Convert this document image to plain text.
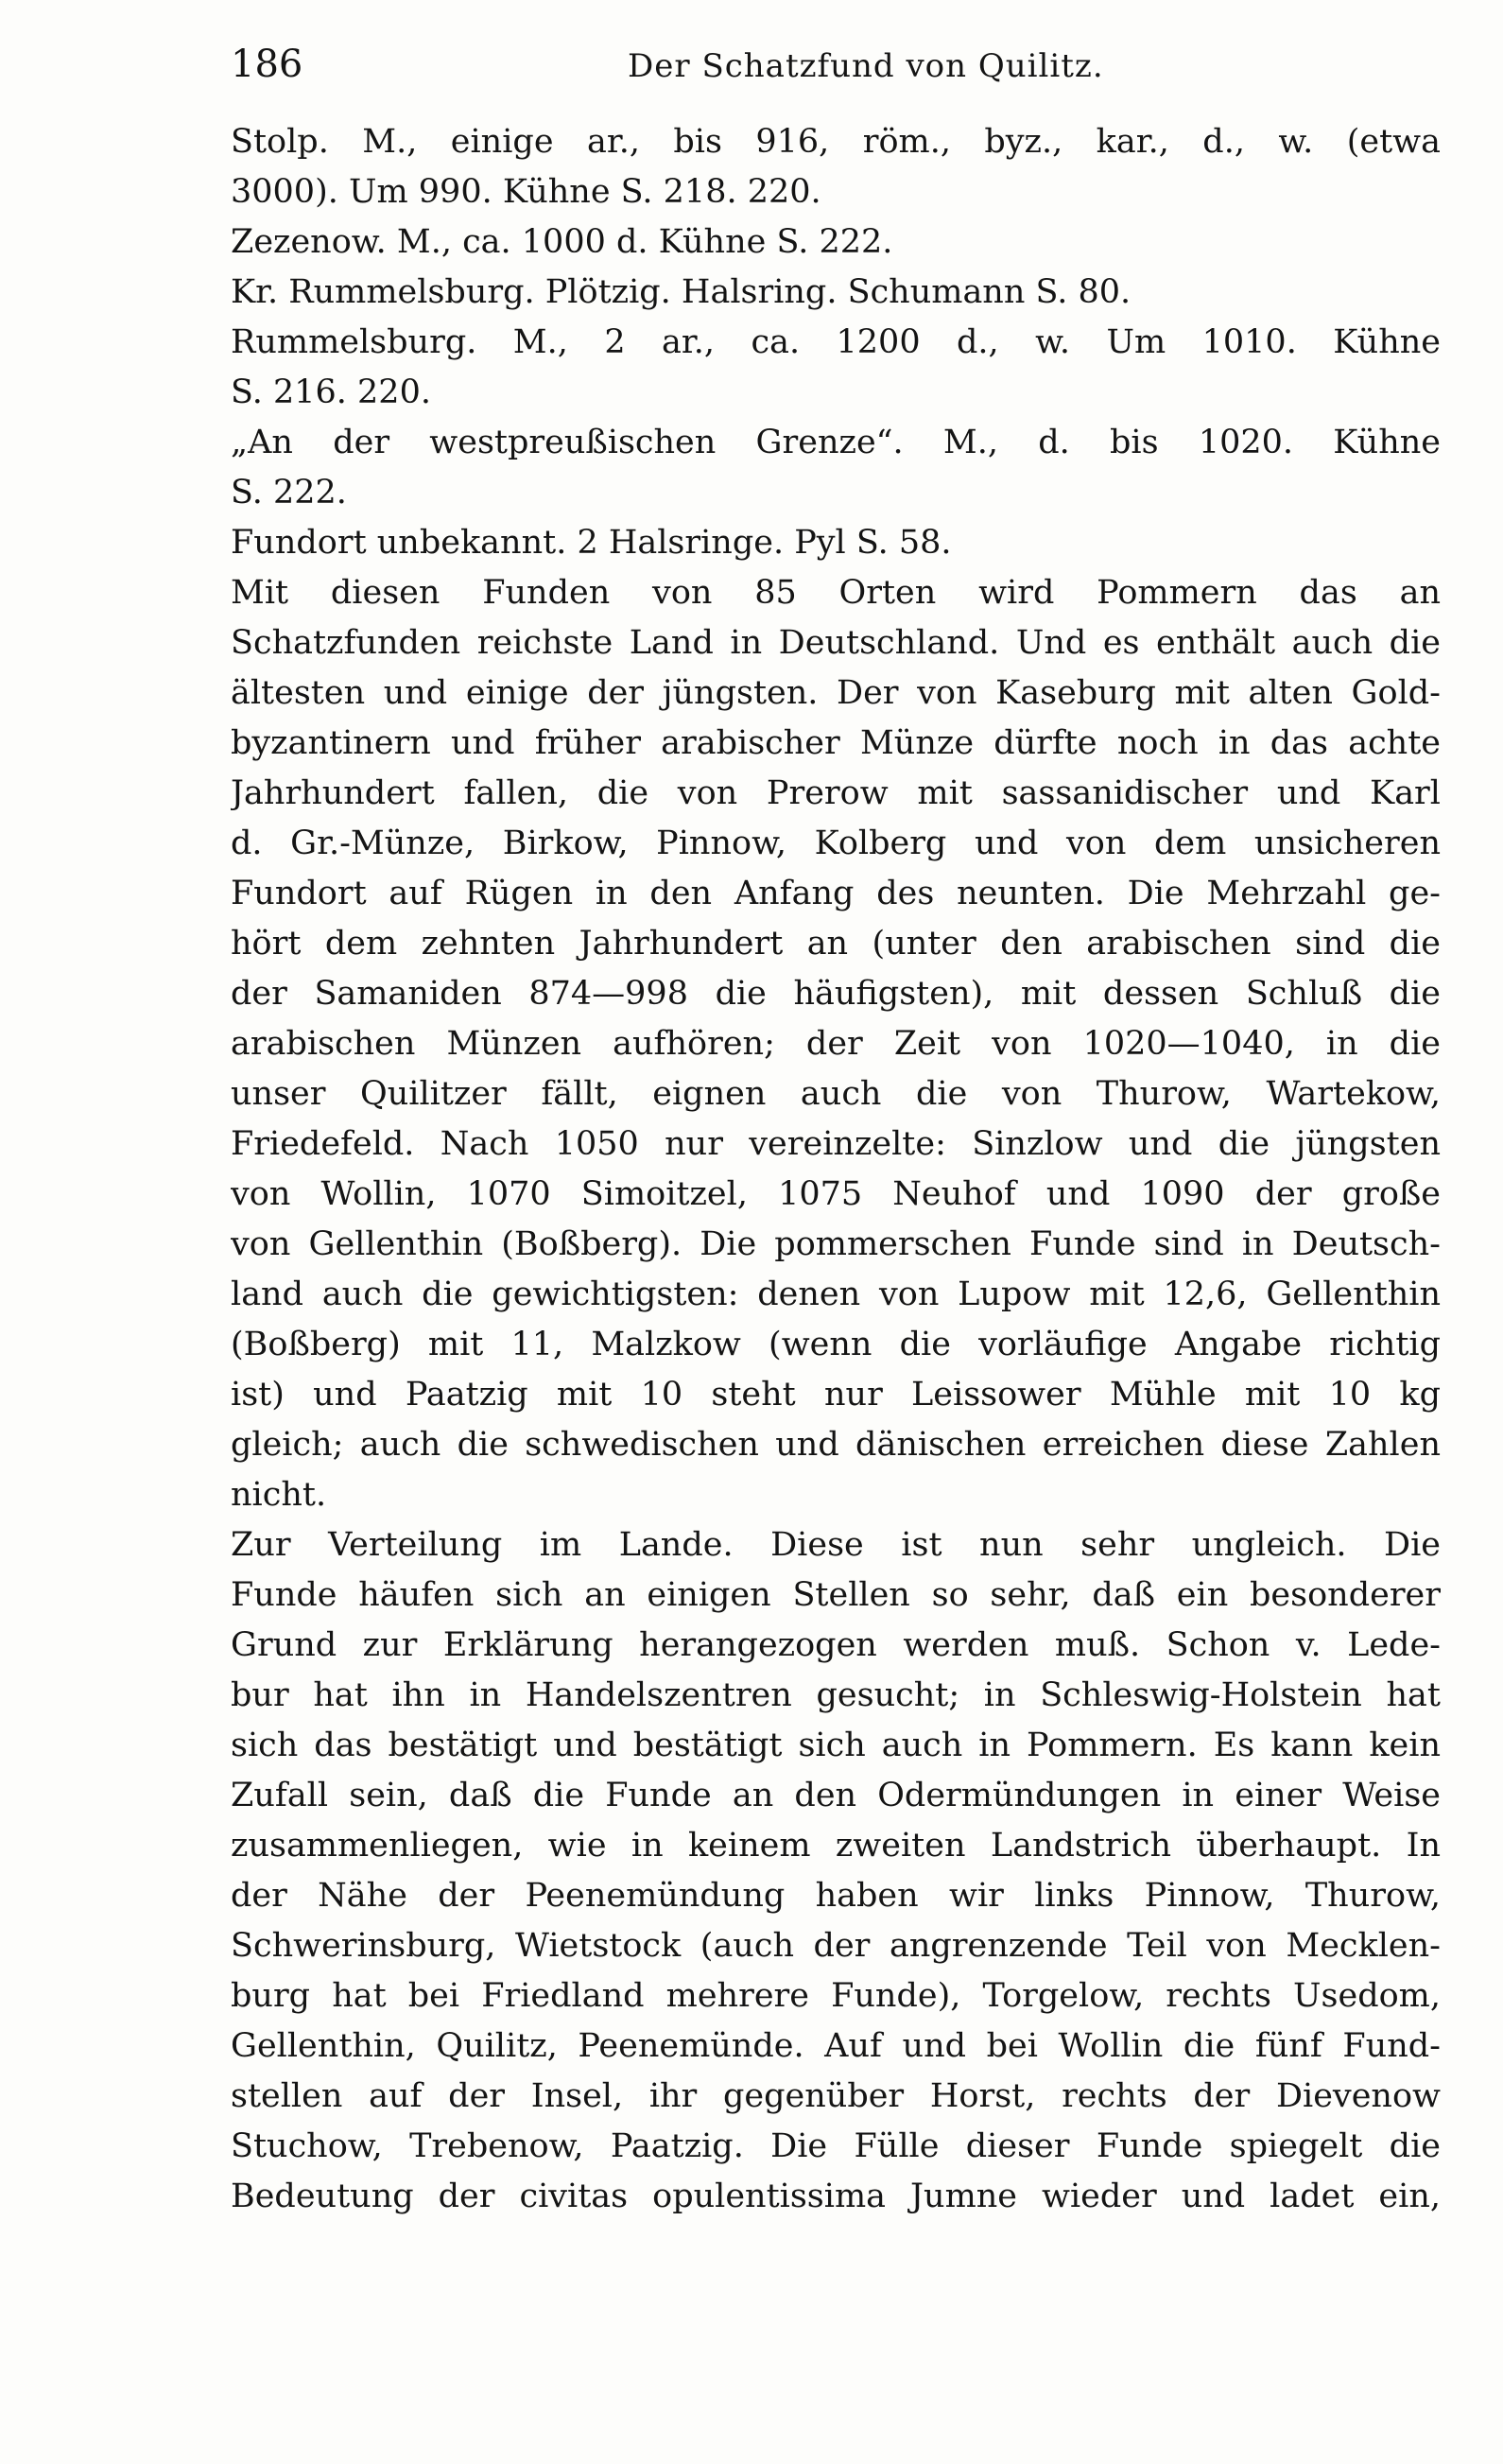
186	Der Schatzfund von Quilitz.
Stolp. M., einige ar., bis 916, röm., byz., kar., d., w. (etwa
3000). Um 990. Kühne S. 218. 220.
Zezenow. M., ca. 1000 d. Kühne S. 222.
Kr. Rummelsburg. Plötzig. Halsring. Schumann S. 80.
Rummelsburg. M., 2 ar., ca. 1200 d., w. Um 1010. Kühne
S. 216. 220.
„An der westpreußischen Grenze“. M., d. bis 1020. Kühne
S. 222.
Fundort unbekannt. 2 Halsringe. Pyl S. 58.
Mit diesen Funden von 85 Orten wird Pommern das an
Schatzfunden reichste Land in Deutschland. Und es enthält auch die
ältesten und einige der jüngsten. Der von Kaseburg mit alten Gold-
byzantinern und früher arabischer Münze dürfte noch in das achte
Jahrhundert fallen, die von Prerow mit sassanidischer und Karl
d. Gr.-Münze, Birkow, Pinnow, Kolberg und von dem unsicheren
Fundort auf Rügen in den Anfang des neunten. Die Mehrzahl ge-
hört dem zehnten Jahrhundert an (unter den arabischen sind die
der Samaniden 874—998 die häufigsten), mit dessen Schluß die
arabischen Münzen aufhören; der Zeit von 1020—1040, in die
unser Quilitzer fällt, eignen auch die von Thurow, Wartekow,
Friedefeld. Nach 1050 nur vereinzelte: Sinzlow und die jüngsten
von Wollin, 1070 Simoitzel, 1075 Neuhof und 1090 der große
von Gellenthin (Boßberg). Die pommerschen Funde sind in Deutsch-
land auch die gewichtigsten: denen von Lupow mit 12,6, Gellenthin
(Boßberg) mit 11, Malzkow (wenn die vorläufige Angabe richtig
ist) und Paatzig mit 10 steht nur Leissower Mühle mit 10 kg
gleich; auch die schwedischen und dänischen erreichen diese Zahlen
nicht.
Zur Verteilung im Lande. Diese ist nun sehr ungleich. Die
Funde häufen sich an einigen Stellen so sehr, daß ein besonderer
Grund zur Erklärung herangezogen werden muß. Schon v. Lede-
bur hat ihn in Handelszentren gesucht; in Schleswig-Holstein hat
sich das bestätigt und bestätigt sich auch in Pommern. Es kann kein
Zufall sein, daß die Funde an den Odermündungen in einer Weise
zusammenliegen, wie in keinem zweiten Landstrich überhaupt. In
der Nähe der Peenemündung haben wir links Pinnow, Thurow,
Schwerinsburg, Wietstock (auch der angrenzende Teil von Mecklen-
burg hat bei Friedland mehrere Funde), Torgelow, rechts Usedom,
Gellenthin, Quilitz, Peenemünde. Auf und bei Wollin die fünf Fund-
stellen auf der Insel, ihr gegenüber Horst, rechts der Dievenow
Stuchow, Trebenow, Paatzig. Die Fülle dieser Funde spiegelt die
Bedeutung der civitas opulentissima Jumne wieder und ladet ein,
